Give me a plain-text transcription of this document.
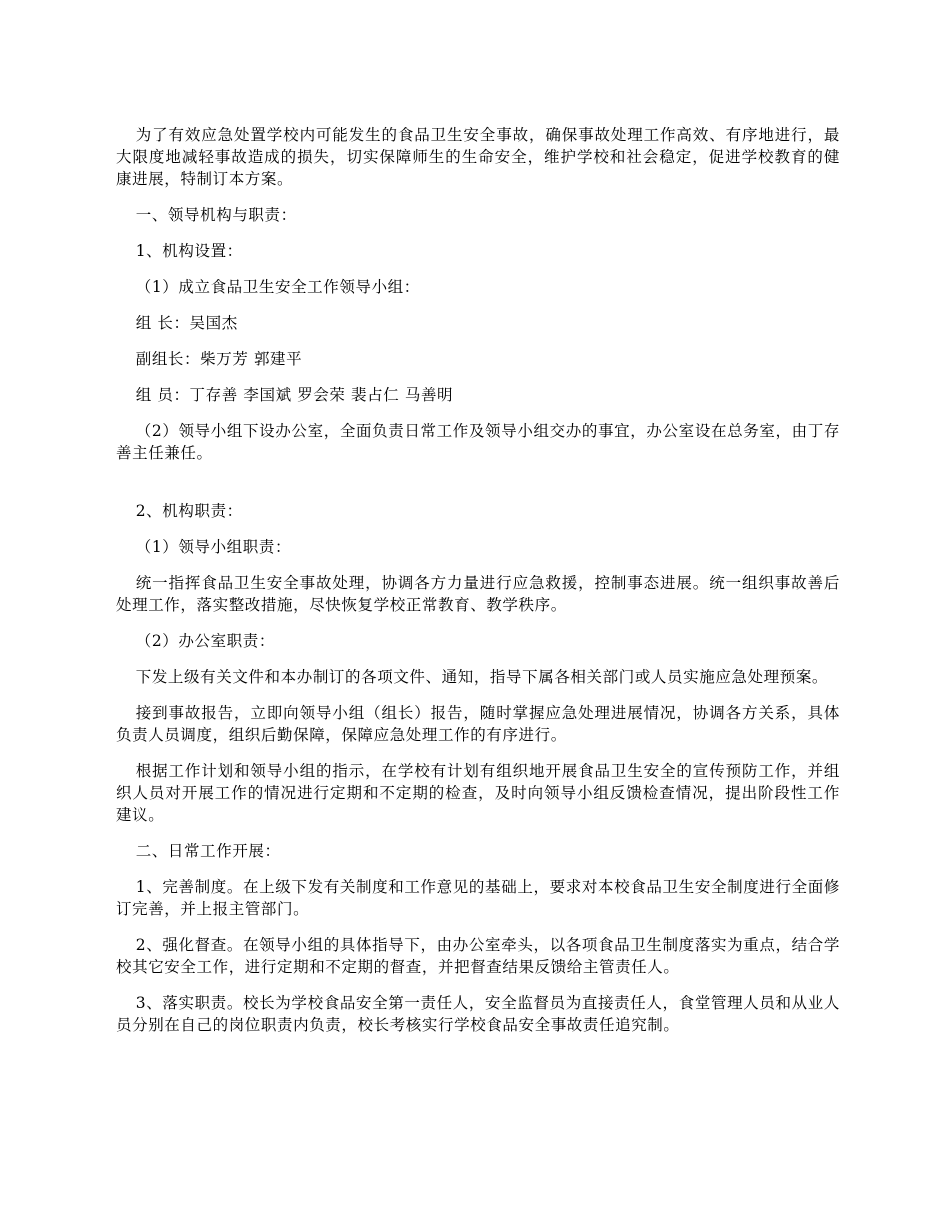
为了有效应急处置学校内可能发生的食品卫生安全事故，确保事故处理工作高效、有序地进行，最大限度地减轻事故造成的损失，切实保障师生的生命安全，维护学校和社会稳定，促进学校教育的健康进展，特制订本方案。

一、领导机构与职责：

1、机构设置：

（1）成立食品卫生安全工作领导小组：

组 长：吴国杰

副组长：柴万芳 郭建平

组 员：丁存善 李国斌 罗会荣 裴占仁 马善明

（2）领导小组下设办公室，全面负责日常工作及领导小组交办的事宜，办公室设在总务室，由丁存善主任兼任。

2、机构职责：

（1）领导小组职责：

统一指挥食品卫生安全事故处理，协调各方力量进行应急救援，控制事态进展。统一组织事故善后处理工作，落实整改措施，尽快恢复学校正常教育、教学秩序。

（2）办公室职责：

下发上级有关文件和本办制订的各项文件、通知，指导下属各相关部门或人员实施应急处理预案。

接到事故报告，立即向领导小组（组长）报告，随时掌握应急处理进展情况，协调各方关系，具体负责人员调度，组织后勤保障，保障应急处理工作的有序进行。

根据工作计划和领导小组的指示，在学校有计划有组织地开展食品卫生安全的宣传预防工作，并组织人员对开展工作的情况进行定期和不定期的检查，及时向领导小组反馈检查情况，提出阶段性工作建议。

二、日常工作开展：

1、完善制度。在上级下发有关制度和工作意见的基础上，要求对本校食品卫生安全制度进行全面修订完善，并上报主管部门。

2、强化督查。在领导小组的具体指导下，由办公室牵头，以各项食品卫生制度落实为重点，结合学校其它安全工作，进行定期和不定期的督查，并把督查结果反馈给主管责任人。

3、落实职责。校长为学校食品安全第一责任人，安全监督员为直接责任人，食堂管理人员和从业人员分别在自己的岗位职责内负责，校长考核实行学校食品安全事故责任追究制。
